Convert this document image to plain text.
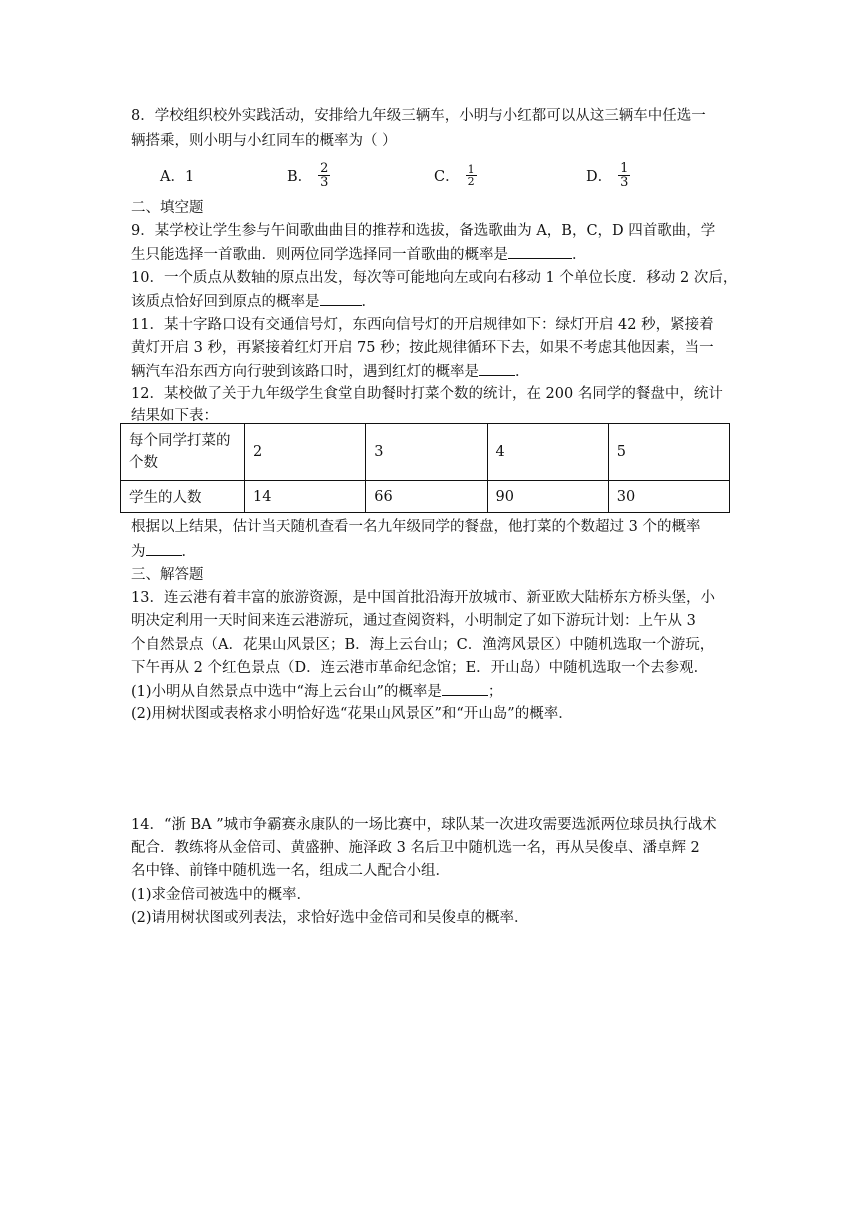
8．学校组织校外实践活动，安排给九年级三辆车，小明与小红都可以从这三辆车中任选一
辆搭乘，则小明与小红同车的概率为（ ）
A．1	B． $\frac{2}{3}$	C． $\frac{1}{2}$	D． $\frac{1}{3}$
二、填空题
9．某学校让学生参与午间歌曲曲目的推荐和选拔，备选歌曲为 A，B，C，D 四首歌曲，学
生只能选择一首歌曲．则两位同学选择同一首歌曲的概率是	．
10．一个质点从数轴的原点出发，每次等可能地向左或向右移动 1 个单位长度．移动 2 次后，
该质点恰好回到原点的概率是	．
11．某十字路口设有交通信号灯，东西向信号灯的开启规律如下：绿灯开启 42 秒，紧接着
黄灯开启 3 秒，再紧接着红灯开启 75 秒；按此规律循环下去，如果不考虑其他因素，当一
辆汽车沿东西方向行驶到该路口时，遇到红灯的概率是 ．
12．某校做了关于九年级学生食堂自助餐时打菜个数的统计，在 200 名同学的餐盘中，统计
结果如下表：
每个同学打菜的个数	2	3	4	5
学生的人数	14	66	90	30
根据以上结果，估计当天随机查看一名九年级同学的餐盘，他打菜的个数超过 3 个的概率
为 ．
三、解答题
13．连云港有着丰富的旅游资源，是中国首批沿海开放城市、新亚欧大陆桥东方桥头堡，小
明决定利用一天时间来连云港游玩，通过查阅资料，小明制定了如下游玩计划：上午从 3
个自然景点（A．花果山风景区；B．海上云台山；C．渔湾风景区）中随机选取一个游玩，
下午再从 2 个红色景点（D．连云港市革命纪念馆；E．开山岛）中随机选取一个去参观．
(1)小明从自然景点中选中“海上云台山”的概率是	；
(2)用树状图或表格求小明恰好选“花果山风景区”和“开山岛”的概率．
14．“浙 BA ”城市争霸赛永康队的一场比赛中，球队某一次进攻需要选派两位球员执行战术
配合．教练将从金倍司、黄盛翀、施泽政 3 名后卫中随机选一名，再从吴俊卓、潘卓辉 2
名中锋、前锋中随机选一名，组成二人配合小组．
(1)求金倍司被选中的概率．
(2)请用树状图或列表法，求恰好选中金倍司和吴俊卓的概率．
